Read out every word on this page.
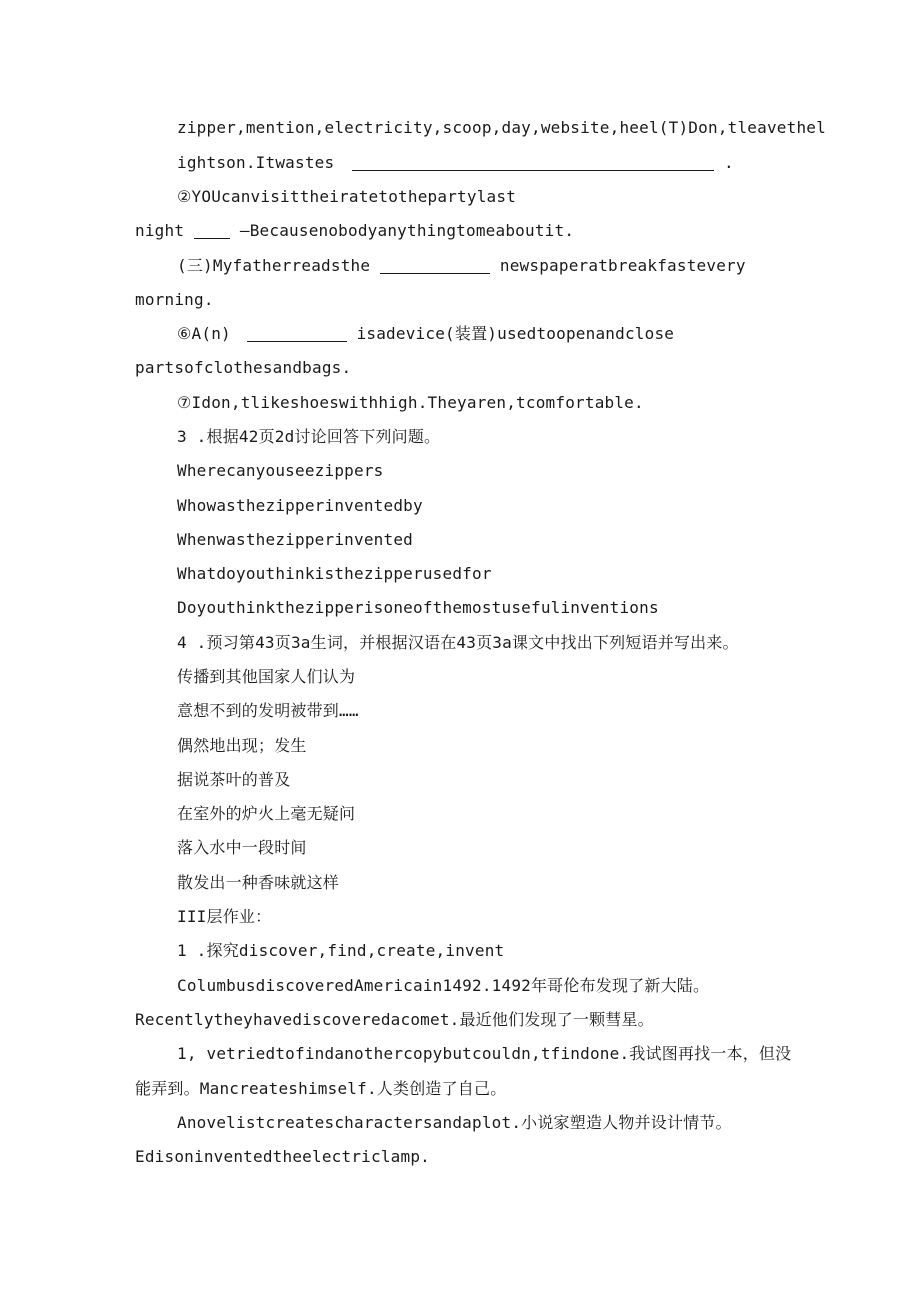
zipper,mention,electricity,scoop,day,website,heel(T)Don,tleavethel
ightson.Itwastes	.
②YOUcanvisittheiratetothepartylast
night	—Becausenobodyanythingtomeaboutit.
(三)Myfatherreadsthe	newspaperatbreakfastevery
morning.
⑥A(n)	isadevice(装置)usedtoopenandclose
partsofclothesandbags.
⑦Idon,tlikeshoeswithhigh.Theyaren,tcomfortable.
3 .根据42页2d讨论回答下列问题。
Wherecanyouseezippers
Whowasthezipperinventedby
Whenwasthezipperinvented
Whatdoyouthinkisthezipperusedfor
Doyouthinkthezipperisoneofthemostusefulinventions
4 .预习第43页3a生词，并根据汉语在43页3a课文中找出下列短语并写出来。
传播到其他国家人们认为
意想不到的发明被带到……
偶然地出现；发生
据说茶叶的普及
在室外的炉火上毫无疑问
落入水中一段时间
散发出一种香味就这样
III层作业：
1 .探究discover,find,create,invent
ColumbusdiscoveredAmericain1492.1492年哥伦布发现了新大陆。
Recentlytheyhavediscoveredacomet.最近他们发现了一颗彗星。
1, vetriedtofindanothercopybutcouldn,tfindone.我试图再找一本，但没
能弄到。Mancreateshimself.人类创造了自己。
Anovelistcreatescharactersandaplot.小说家塑造人物并设计情节。
Edisoninventedtheelectriclamp.
